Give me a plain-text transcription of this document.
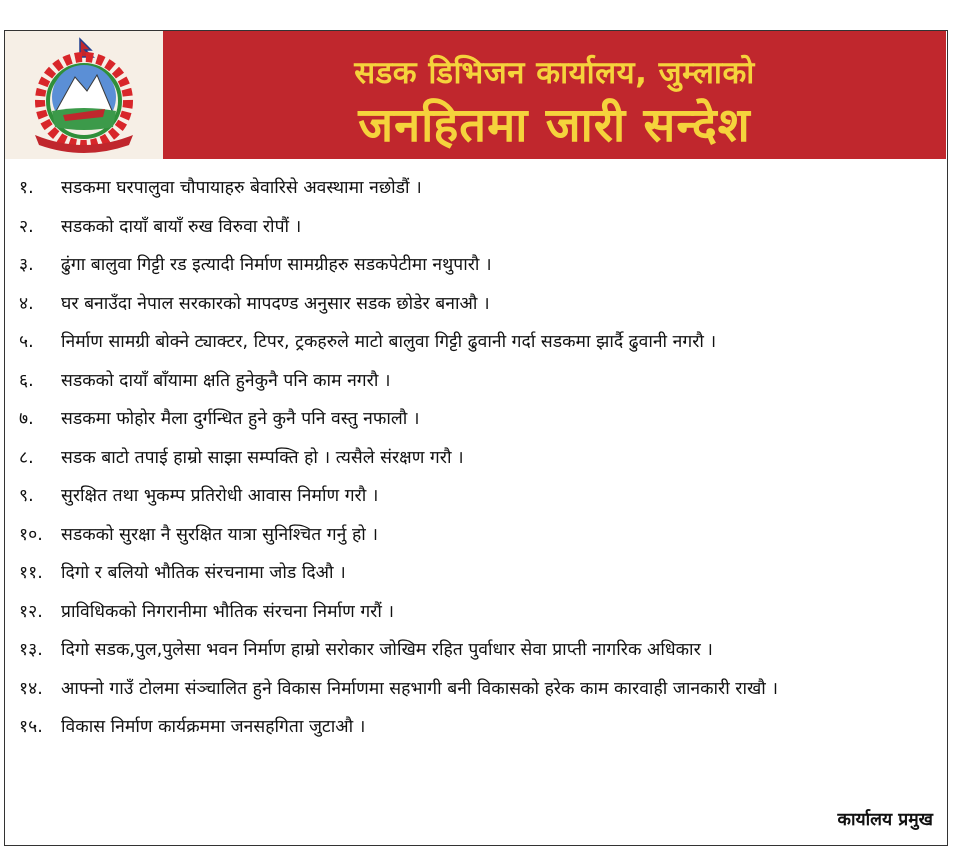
सडक डिभिजन कार्यालय, जुम्लाको
जनहितमा जारी सन्देश
१.	सडकमा घरपालुवा चौपायाहरु बेवारिसे अवस्थामा नछोडौं ।
२.	सडकको दायाँ बायाँ रुख विरुवा रोपौं ।
३.	ढुंगा बालुवा गिट्टी रड इत्यादी निर्माण सामग्रीहरु सडकपेटीमा नथुपारौ ।
४.	घर बनाउँदा नेपाल सरकारको मापदण्ड अनुसार सडक छोडेर बनाऔ ।
५.	निर्माण सामग्री बोक्ने ट्याक्टर, टिपर, ट्रकहरुले माटो बालुवा गिट्टी ढुवानी गर्दा सडकमा झार्दै ढुवानी नगरौ ।
६.	सडकको दायाँ बाँयामा क्षति हुनेकुनै पनि काम नगरौ ।
७.	सडकमा फोहोर मैला दुर्गन्धित हुने कुनै पनि वस्तु नफालौ ।
८.	सडक बाटो तपाई हाम्रो साझा सम्पक्ति हो । त्यसैले संरक्षण गरौ ।
९.	सुरक्षित तथा भुकम्प प्रतिरोधी आवास निर्माण गरौ ।
१०.	सडकको सुरक्षा नै सुरक्षित यात्रा सुनिश्चित गर्नु हो ।
११.	दिगो र बलियो भौतिक संरचनामा जोड दिऔ ।
१२.	प्राविधिकको निगरानीमा भौतिक संरचना निर्माण गरौं ।
१३.	दिगो सडक,पुल,पुलेसा भवन निर्माण हाम्रो सरोकार जोखिम रहित पुर्वाधार सेवा प्राप्ती नागरिक अधिकार ।
१४.	आफ्नो गाउँ टोलमा संञ्चालित हुने विकास निर्माणमा सहभागी बनी विकासको हरेक काम कारवाही जानकारी राखौ ।
१५.	विकास निर्माण कार्यक्रममा जनसहगिता जुटाऔ ।
कार्यालय प्रमुख
